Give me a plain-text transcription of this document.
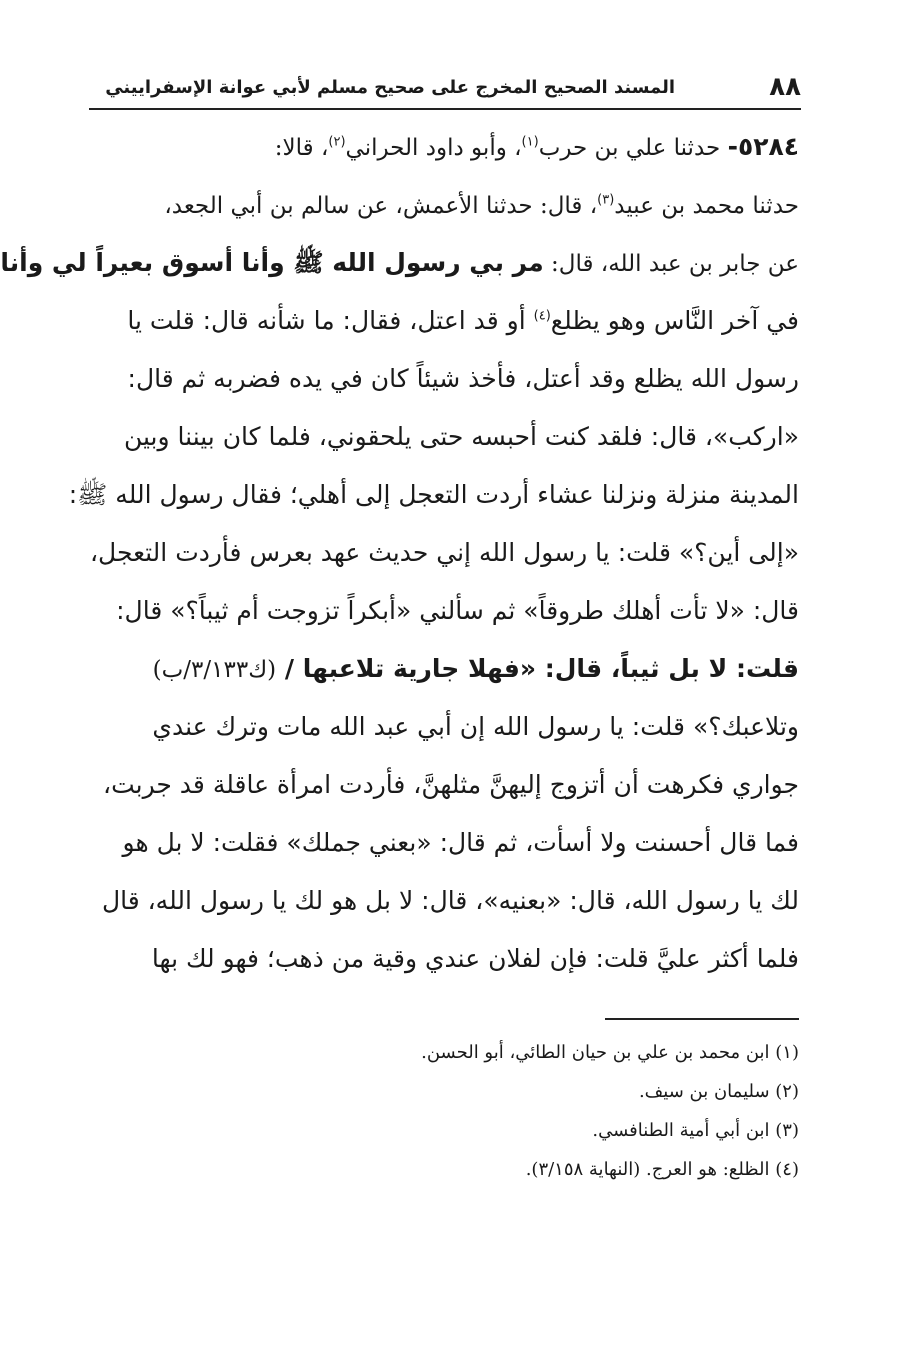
٨٨
المسند الصحيح المخرج على صحيح مسلم لأبي عوانة الإسفراييني
٥٢٨٤- حدثنا علي بن حرب$^{(١)}$، وأبو داود الحراني$^{(٢)}$، قالا:
حدثنا محمد بن عبيد$^{(٣)}$، قال: حدثنا الأعمش، عن سالم بن أبي الجعد،
عن جابر بن عبد الله، قال: مر بي رسول الله ﷺ وأنا أسوق بعيراً لي وأنا
في آخر النَّاس وهو يظلع$^{(٤)}$ أو قد اعتل، فقال: ما شأنه قال: قلت يا
رسول الله يظلع وقد أعتل، فأخذ شيئاً كان في يده فضربه ثم قال:
«اركب»، قال: فلقد كنت أحبسه حتى يلحقوني، فلما كان بيننا وبين
المدينة منزلة ونزلنا عشاء أردت التعجل إلى أهلي؛ فقال رسول الله ﷺ:
«إلى أين؟» قلت: يا رسول الله إني حديث عهد بعرس فأردت التعجل،
قال: «لا تأت أهلك طروقاً» ثم سألني «أبكراً تزوجت أم ثيباً؟» قال:
قلت: لا بل ثيباً، قال: «فهلا جارية تلاعبها / (ك٣/١٣٣/ب)
وتلاعبك؟» قلت: يا رسول الله إن أبي عبد الله مات وترك عندي
جواري فكرهت أن أتزوج إليهنَّ مثلهنَّ، فأردت امرأة عاقلة قد جربت،
فما قال أحسنت ولا أسأت، ثم قال: «بعني جملك» فقلت: لا بل هو
لك يا رسول الله، قال: «بعنيه»، قال: لا بل هو لك يا رسول الله، قال
فلما أكثر عليَّ قلت: فإن لفلان عندي وقية من ذهب؛ فهو لك بها
(١) ابن محمد بن علي بن حيان الطائي، أبو الحسن.
(٢) سليمان بن سيف.
(٣) ابن أبي أمية الطنافسي.
(٤) الظلع: هو العرج. (النهاية ٣/١٥٨).
